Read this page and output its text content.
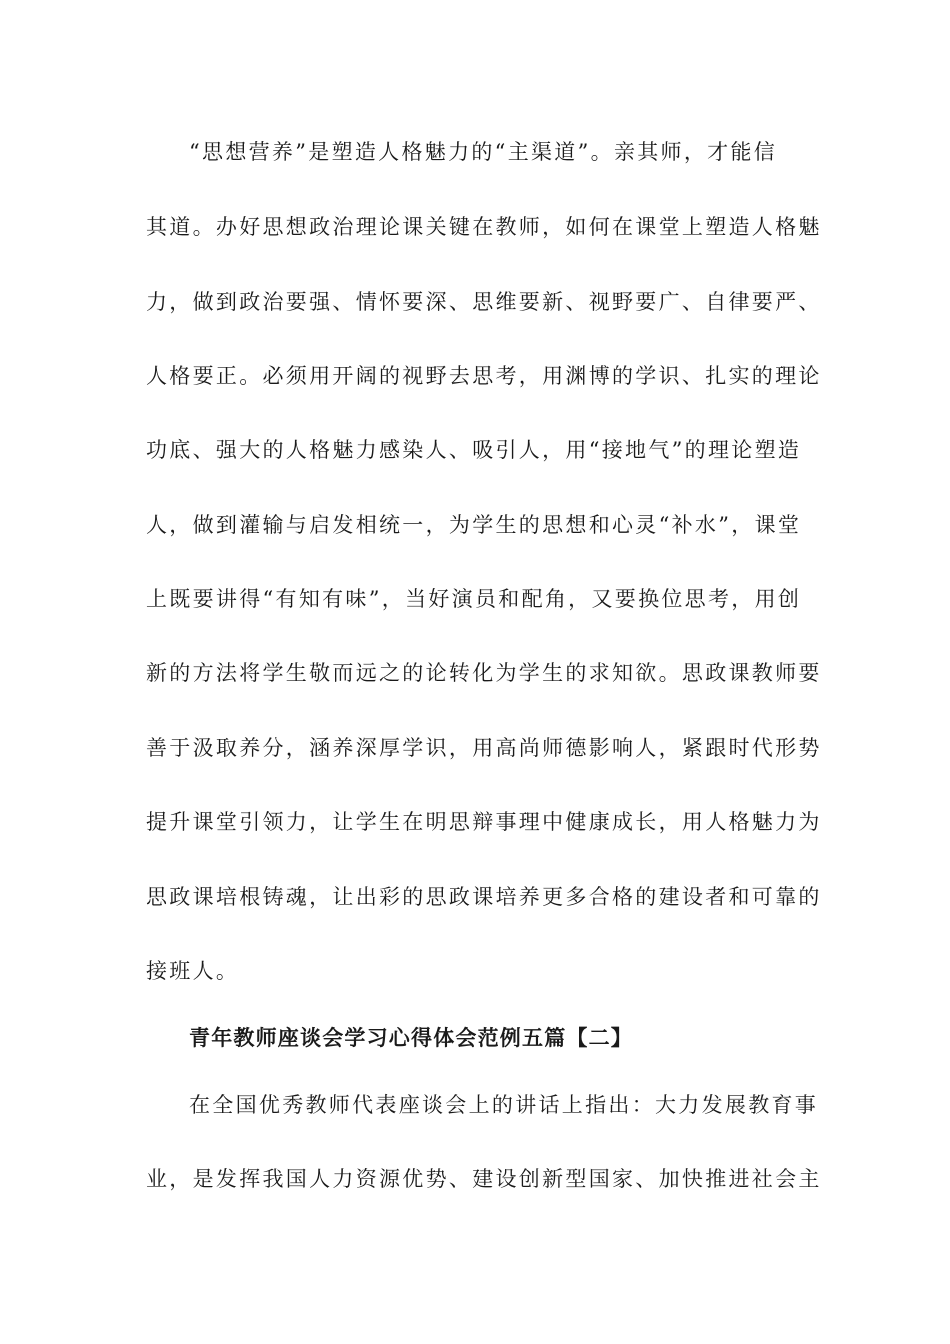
“思想营养”是塑造人格魅力的“主渠道”。亲其师，才能信
其道。办好思想政治理论课关键在教师，如何在课堂上塑造人格魅
力，做到政治要强、情怀要深、思维要新、视野要广、自律要严、
人格要正。必须用开阔的视野去思考，用渊博的学识、扎实的理论
功底、强大的人格魅力感染人、吸引人，用“接地气”的理论塑造
人，做到灌输与启发相统一，为学生的思想和心灵“补水”，课堂
上既要讲得“有知有味”，当好演员和配角，又要换位思考，用创
新的方法将学生敬而远之的论转化为学生的求知欲。思政课教师要
善于汲取养分，涵养深厚学识，用高尚师德影响人，紧跟时代形势
提升课堂引领力，让学生在明思辩事理中健康成长，用人格魅力为
思政课培根铸魂，让出彩的思政课培养更多合格的建设者和可靠的
接班人。
青年教师座谈会学习心得体会范例五篇【二】
在全国优秀教师代表座谈会上的讲话上指出：大力发展教育事
业，是发挥我国人力资源优势、建设创新型国家、加快推进社会主
